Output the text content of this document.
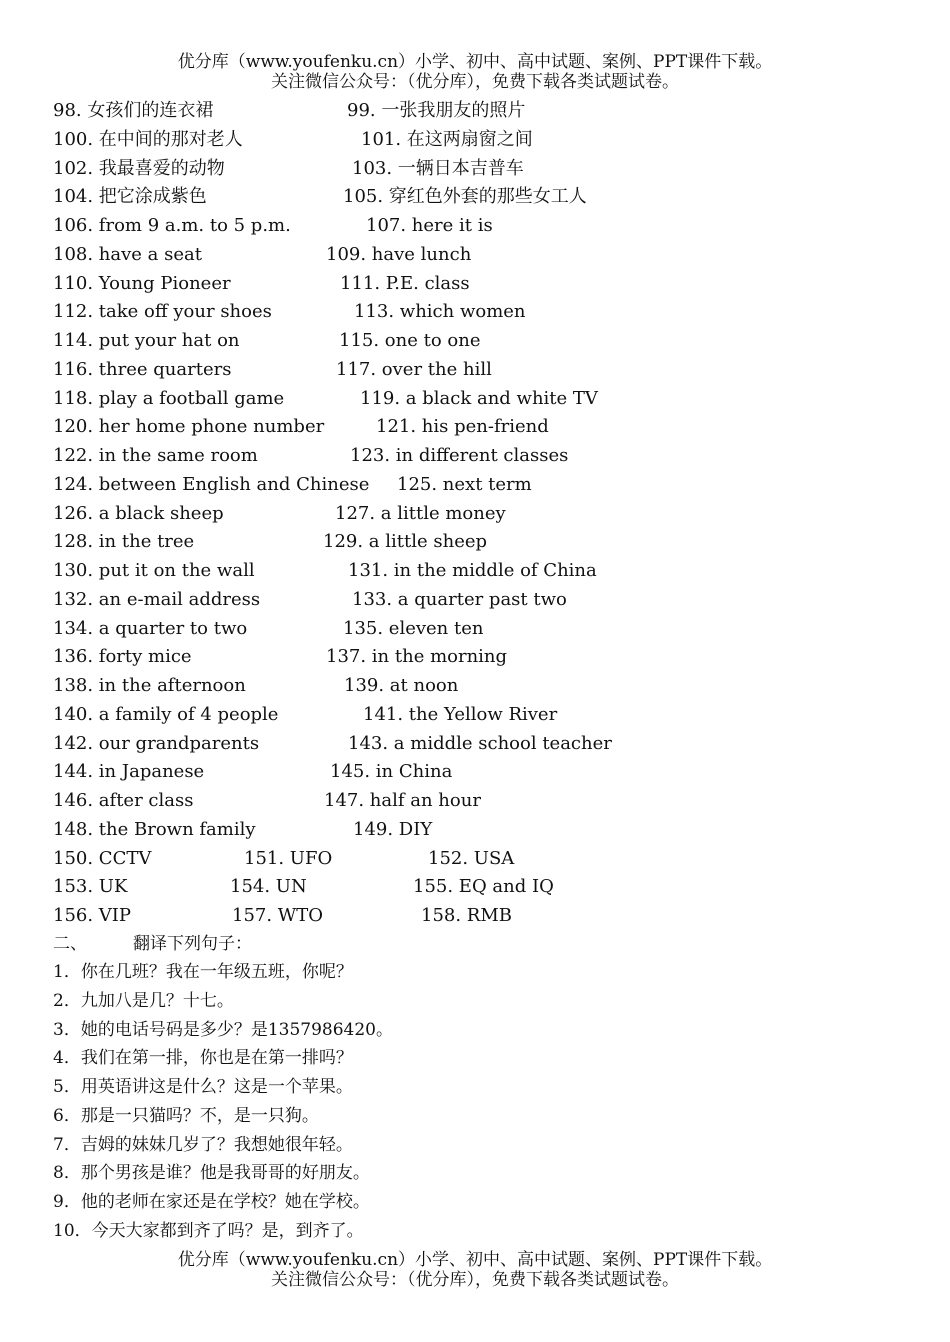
优分库（www.youfenku.cn）小学、初中、高中试题、案例、PPT课件下载。
关注微信公众号：（优分库），免费下载各类试题试卷。
98. 女孩们的连衣裙	99. 一张我朋友的照片
100. 在中间的那对老人	101. 在这两扇窗之间
102. 我最喜爱的动物	103. 一辆日本吉普车
104. 把它涂成紫色	105. 穿红色外套的那些女工人
106. from 9 a.m. to 5 p.m.	107. here it is
108. have a seat	109. have lunch
110. Young Pioneer	111. P.E. class
112. take off your shoes	113. which women
114. put your hat on	115. one to one
116. three quarters	117. over the hill
118. play a football game	119. a black and white TV
120. her home phone number	121. his pen-friend
122. in the same room	123. in different classes
124. between English and Chinese 125. next term
126. a black sheep	127. a little money
128. in the tree	129. a little sheep
130. put it on the wall	131. in the middle of China
132. an e-mail address	133. a quarter past two
134. a quarter to two	135. eleven ten
136. forty mice	137. in the morning
138. in the afternoon	139. at noon
140. a family of 4 people	141. the Yellow River
142. our grandparents	143. a middle school teacher
144. in Japanese	145. in China
146. after class	147. half an hour
148. the Brown family	149. DIY
150. CCTV	151. UFO	152. USA
153. UK	154. UN	155. EQ and IQ
156. VIP	157. WTO	158. RMB
二、	翻译下列句子：
1．你在几班？我在一年级五班，你呢？
2．九加八是几？十七。
3．她的电话号码是多少？是1357986420。
4．我们在第一排，你也是在第一排吗？
5．用英语讲这是什么？这是一个苹果。
6．那是一只猫吗？不，是一只狗。
7．吉姆的妹妹几岁了？我想她很年轻。
8．那个男孩是谁？他是我哥哥的好朋友。
9．他的老师在家还是在学校？她在学校。
10．今天大家都到齐了吗？是，到齐了。
优分库（www.youfenku.cn）小学、初中、高中试题、案例、PPT课件下载。
关注微信公众号：（优分库），免费下载各类试题试卷。
